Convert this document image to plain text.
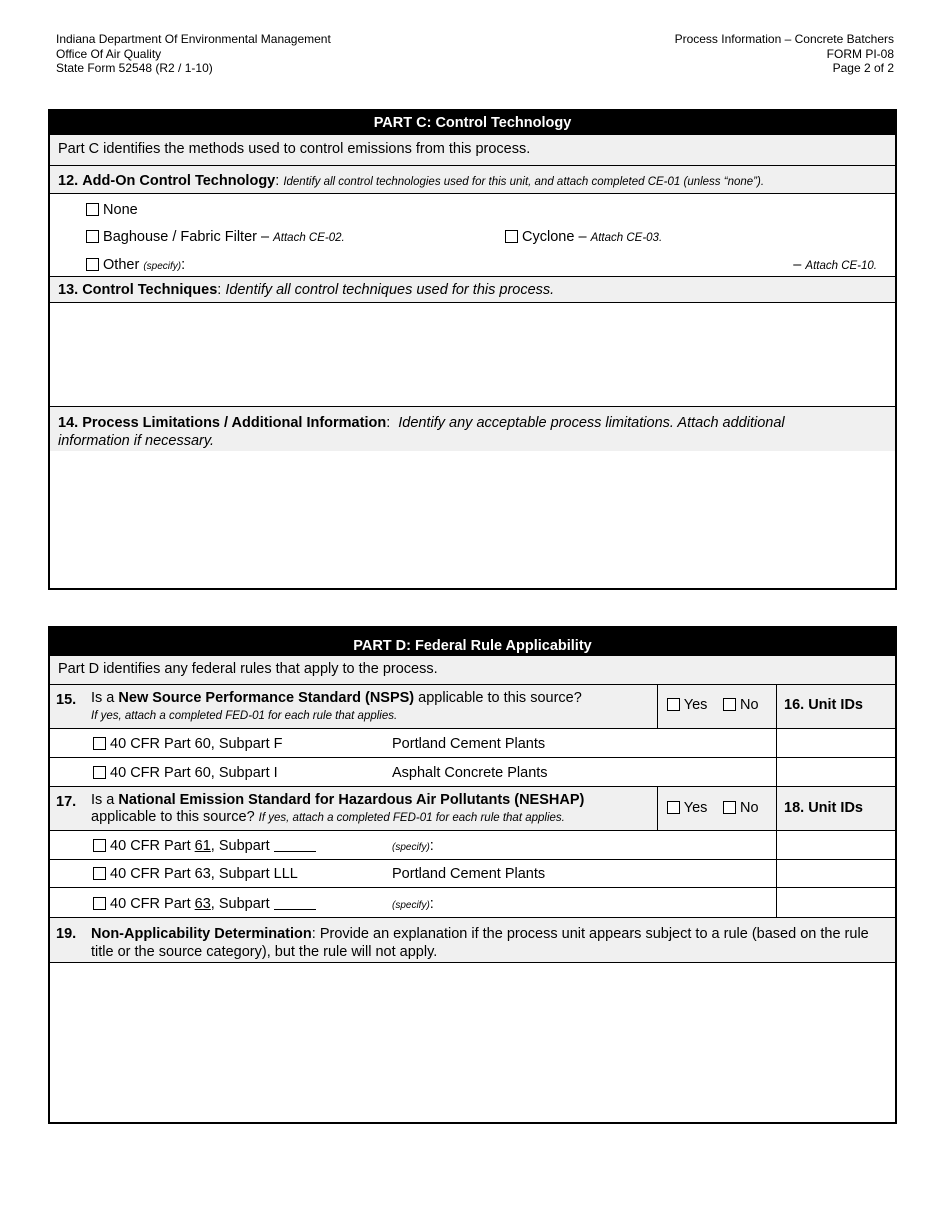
Indiana Department Of Environmental Management
Office Of Air Quality
State Form 52548 (R2 / 1-10)
Process Information – Concrete Batchers
FORM PI-08
Page 2 of 2
PART C: Control Technology
Part C identifies the methods used to control emissions from this process.
12. Add-On Control Technology: Identify all control technologies used for this unit, and attach completed CE-01 (unless “none”).
None
Baghouse / Fabric Filter – Attach CE-02.	Cyclone – Attach CE-03.
Other (specify):	– Attach CE-10.
13. Control Techniques: Identify all control techniques used for this process.
14. Process Limitations / Additional Information: Identify any acceptable process limitations. Attach additional information if necessary.
PART D: Federal Rule Applicability
Part D identifies any federal rules that apply to the process.
15. Is a New Source Performance Standard (NSPS) applicable to this source?
If yes, attach a completed FED-01 for each rule that applies.
Yes	No 16. Unit IDs
40 CFR Part 60, Subpart F	Portland Cement Plants
40 CFR Part 60, Subpart I	Asphalt Concrete Plants
17. Is a National Emission Standard for Hazardous Air Pollutants (NESHAP)
applicable to this source? If yes, attach a completed FED-01 for each rule that applies.
Yes	No 18. Unit IDs
40 CFR Part 61, Subpart	(specify):
40 CFR Part 63, Subpart LLL	Portland Cement Plants
40 CFR Part 63, Subpart	(specify):
19. Non-Applicability Determination: Provide an explanation if the process unit appears subject to a rule (based on the rule title or the source category), but the rule will not apply.
